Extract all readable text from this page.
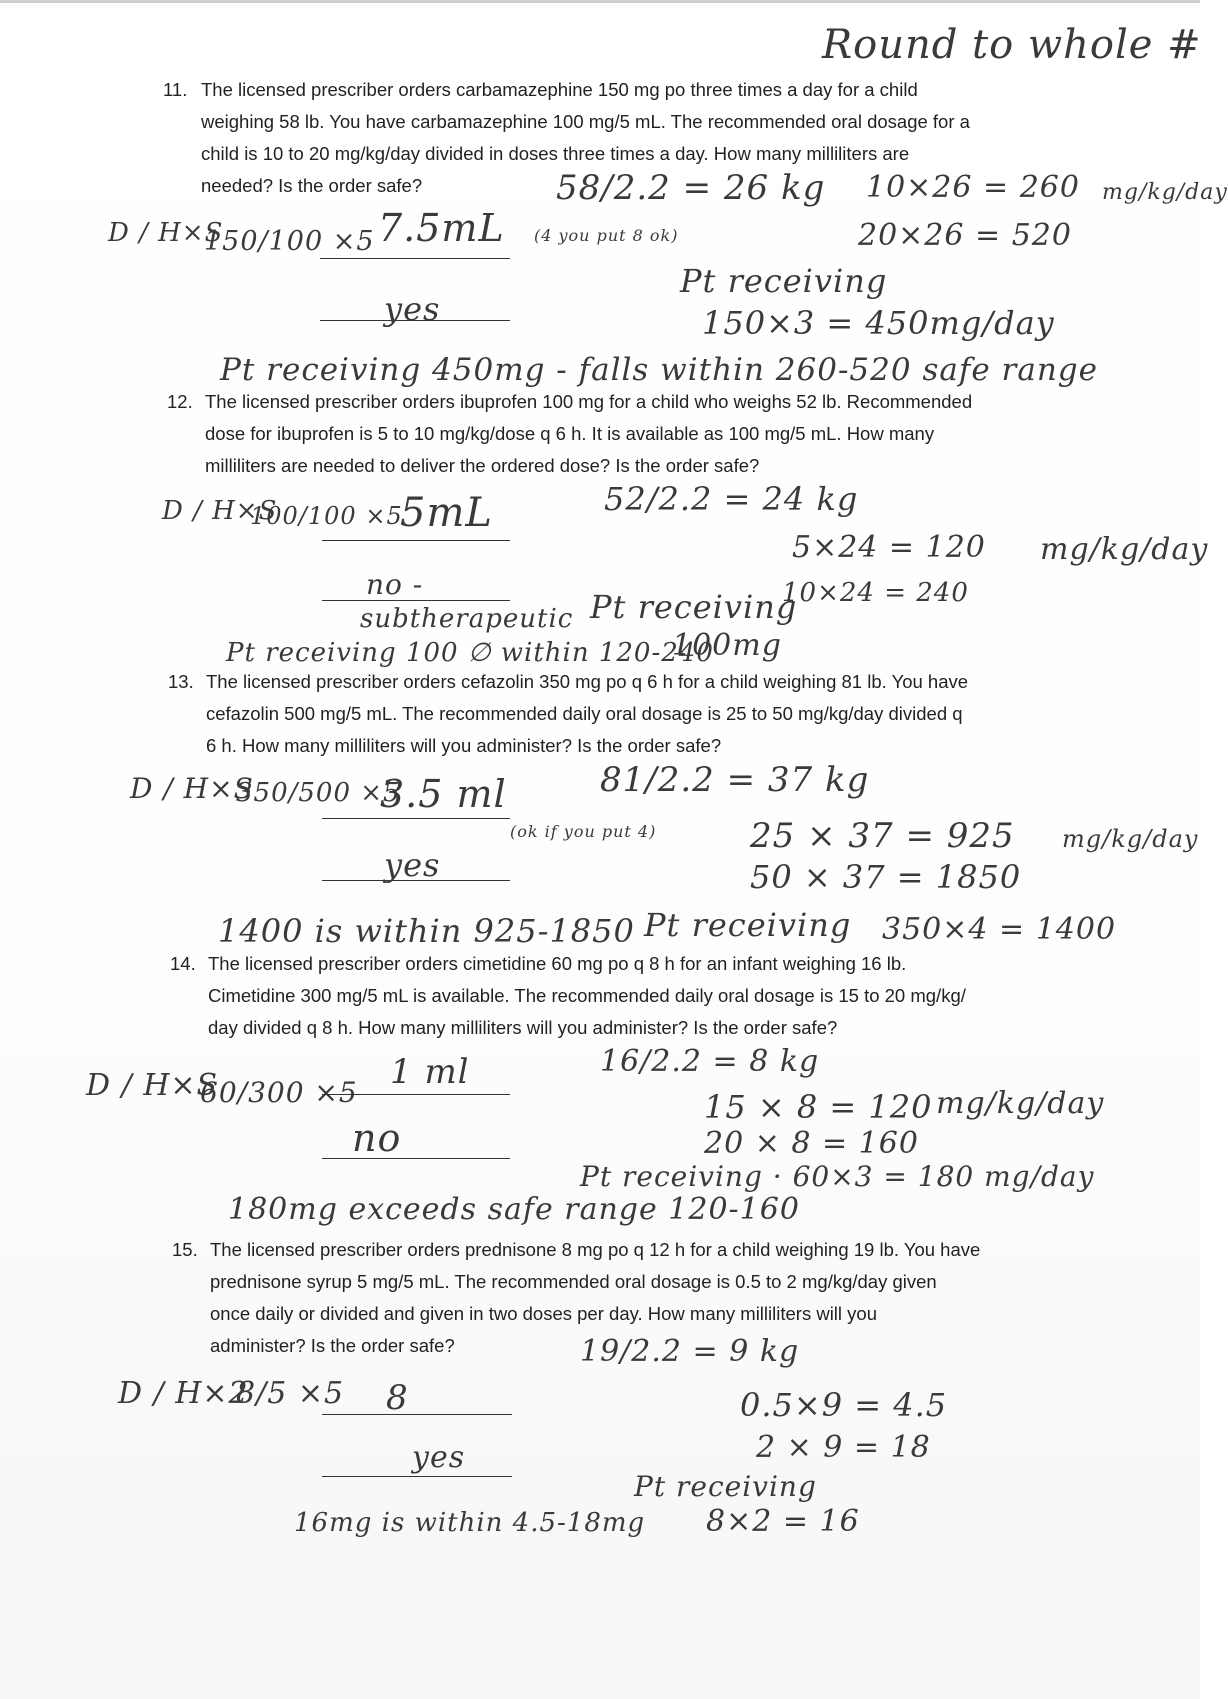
Round to whole #
11. The licensed prescriber orders carbamazephine 150 mg po three times a day for a child
weighing 58 lb. You have carbamazephine 100 mg/5 mL. The recommended oral dosage for a
child is 10 to 20 mg/kg/day divided in doses three times a day. How many milliliters are
needed? Is the order safe?
D / H×S
150/100 ×5 7.5mL (4 you put 8 ok)
yes
58/2.2 = 26 kg 10×26 = 260
20×26 = 520
mg/kg/day
Pt receiving
150×3 = 450mg/day
Pt receiving 450mg - falls within 260-520 safe range
12. The licensed prescriber orders ibuprofen 100 mg for a child who weighs 52 lb. Recommended
dose for ibuprofen is 5 to 10 mg/kg/dose q 6 h. It is available as 100 mg/5 mL. How many
milliliters are needed to deliver the ordered dose? Is the order safe?
D / H×S
100/100 ×5
5mL
no -
subtherapeutic
52/2.2 = 24 kg
5×24 = 120
10×24 = 240
mg/kg/day
Pt receiving
100mg
Pt receiving 100 ∅ within 120-240
13. The licensed prescriber orders cefazolin 350 mg po q 6 h for a child weighing 81 lb. You have
cefazolin 500 mg/5 mL. The recommended daily oral dosage is 25 to 50 mg/kg/day divided q
6 h. How many milliliters will you administer? Is the order safe?
D / H×S
350/500 ×5
3.5 ml
(ok if you put 4)
yes
81/2.2 = 37 kg
25 × 37 = 925
50 × 37 = 1850
mg/kg/day
Pt receiving 350×4 = 1400
1400 is within 925-1850
14. The licensed prescriber orders cimetidine 60 mg po q 8 h for an infant weighing 16 lb.
Cimetidine 300 mg/5 mL is available. The recommended daily oral dosage is 15 to 20 mg/kg/
day divided q 8 h. How many milliliters will you administer? Is the order safe?
D / H×S
60/300 ×5
1 ml
no
16/2.2 = 8 kg
15 × 8 = 120
20 × 8 = 160
mg/kg/day
Pt receiving · 60×3 = 180 mg/day
180mg exceeds safe range 120-160
15. The licensed prescriber orders prednisone 8 mg po q 12 h for a child weighing 19 lb. You have
prednisone syrup 5 mg/5 mL. The recommended oral dosage is 0.5 to 2 mg/kg/day given
once daily or divided and given in two doses per day. How many milliliters will you
administer? Is the order safe?
D / H×2
8/5 ×5 8
yes
19/2.2 = 9 kg
0.5×9 = 4.5
2 × 9 = 18
Pt receiving
8×2 = 16
16mg is within 4.5-18mg
